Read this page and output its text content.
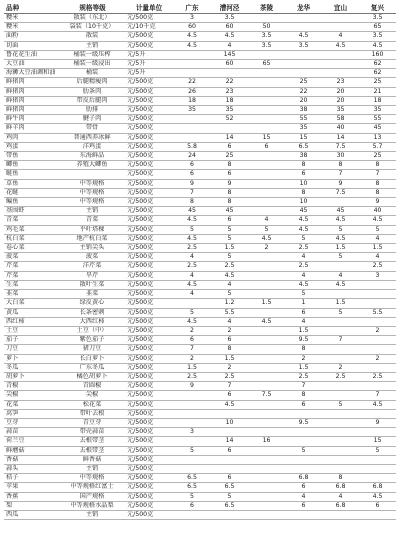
品种	规格等级	计量单位	广东	漕河泾	茶陵	龙华	宜山	复兴	
粳米	散装（东北）	元/500克	3	3.5				3.5	
粳米	袋装（10千克）	元/10千克	60	60	50			65	
面粉	散装	元/500克	4.5	4.5	3.5	4.5	4	3.5	
切面	主销	元/500克	4.5	4	3.5	3.5	4.5	4.5	
鲁花花生油	桶装一级压榨	元/5升		145				160	
大豆油	桶装一级浸出	元/5升		60	65			62	
海狮大豆油调和油	桶装	元/5升						62	
鲜猪肉	后腿精瘦肉	元/500克	22	22		25	23	25	
鲜猪肉	肋条肉	元/500克	26	23		22	20	21	
鲜猪肉	带皮后腿肉	元/500克	18	18		20	20	18	
鲜猪肉	肋排	元/500克	35	35		38	35	35	
鲜牛肉	腱子肉	元/500克		52		55	58	55	
鲜羊肉	带骨	元/500克				35	40	45	
鸡肉	普通西养冰鲜	元/500克		14	15	15	14	13	
鸡蛋	洋鸡蛋	元/500克	5.8	6	6	6.5	7.5	5.7	
带鱼	东海鲜品	元/500克	24	25		38	30	25	
鲫鱼	养殖大鲫鱼	元/500克	6	8		8	8	8	
鲢鱼		元/500克	6	6		6	7	7	
草鱼	中等规格	元/500克	9	9		10	9	8	
花鲢	中等规格	元/500克	7	8		8	7.5	8	
鳊鱼	中等规格	元/500克	8	8		10		9	
基围虾	主销	元/500克	45	45		45	45	40	
青菜	青菜	元/500克	4.5	6	4	4.5	4.5	4.5	
鸡毛菜	平叶塔棵	元/500克	5	5	5	4.5	5	5	
杭白菜	地产杭白菜	元/500克	4.5	5	4.5	5	4.5	4	
卷心菜	主销尖头	元/500克	2.5	1.5	2	2.5	1.5	1.5	
菠菜	菠菜	元/500克	4	5		4	5	4	
芹菜	洋芹菜	元/500克	2.5	2.5		2.5		2.5	
芹菜	旱芹	元/500克	4	4.5		4	4	3	
生菜	散叶生菜	元/500克	4.5	4		4.5	4.5		
韭菜	韭菜	元/500克	4	5		5			
大白菜	绿皮黄心	元/500克		1.2	1.5	1	1.5		
黄瓜	长条密刺	元/500克	5	5.5		6	5	5.5	
西红柿	大西红柿	元/500克	4.5	4	4.5	4			
土豆	土豆（中）	元/500克	2	2		1.5		2	
茄子	紫色茄子	元/500克	6	6		9.5	7		
刀豆	猪刀豆	元/500克	7	8		8			
萝卜	长白萝卜	元/500克	2	1.5		2		2	
冬瓜	广东冬瓜	元/500克	1.5	2		1.5	2		
胡萝卜	橘色胡萝卜	元/500克	2.5	2.5		2.5	2.5	2.5	
青椒	青圆椒	元/500克	9	7		7			
尖椒	尖椒	元/500克		6	7.5	8		7	
花菜	松花菜	元/500克		4.5		6	5	4.5	
莴笋	带叶去根	元/500克							
豆芽	青豆芽	元/500克		10		9.5		9	
蒜苗	带壳蒜苗	元/500克	3						
荷兰豆	去根带茎	元/500克		14	16			15	
鲜蘑菇	去根带茎	元/500克	5	6		5		5	
香菇	鲜香菇	元/500克							
蒜头	主销	元/500克							
桔子	中等规格	元/500克	6.5	6		6.8	8		
苹果	中等规格红富士	元/500克	6.5	6.5		6	6.8	6.8	
香蕉	国产规格	元/500克	5	5		4	4	4.5	
梨	中等规格水晶梨	元/500克	6	6.5		6	6.8	6	
西瓜	主销	元/500克							
